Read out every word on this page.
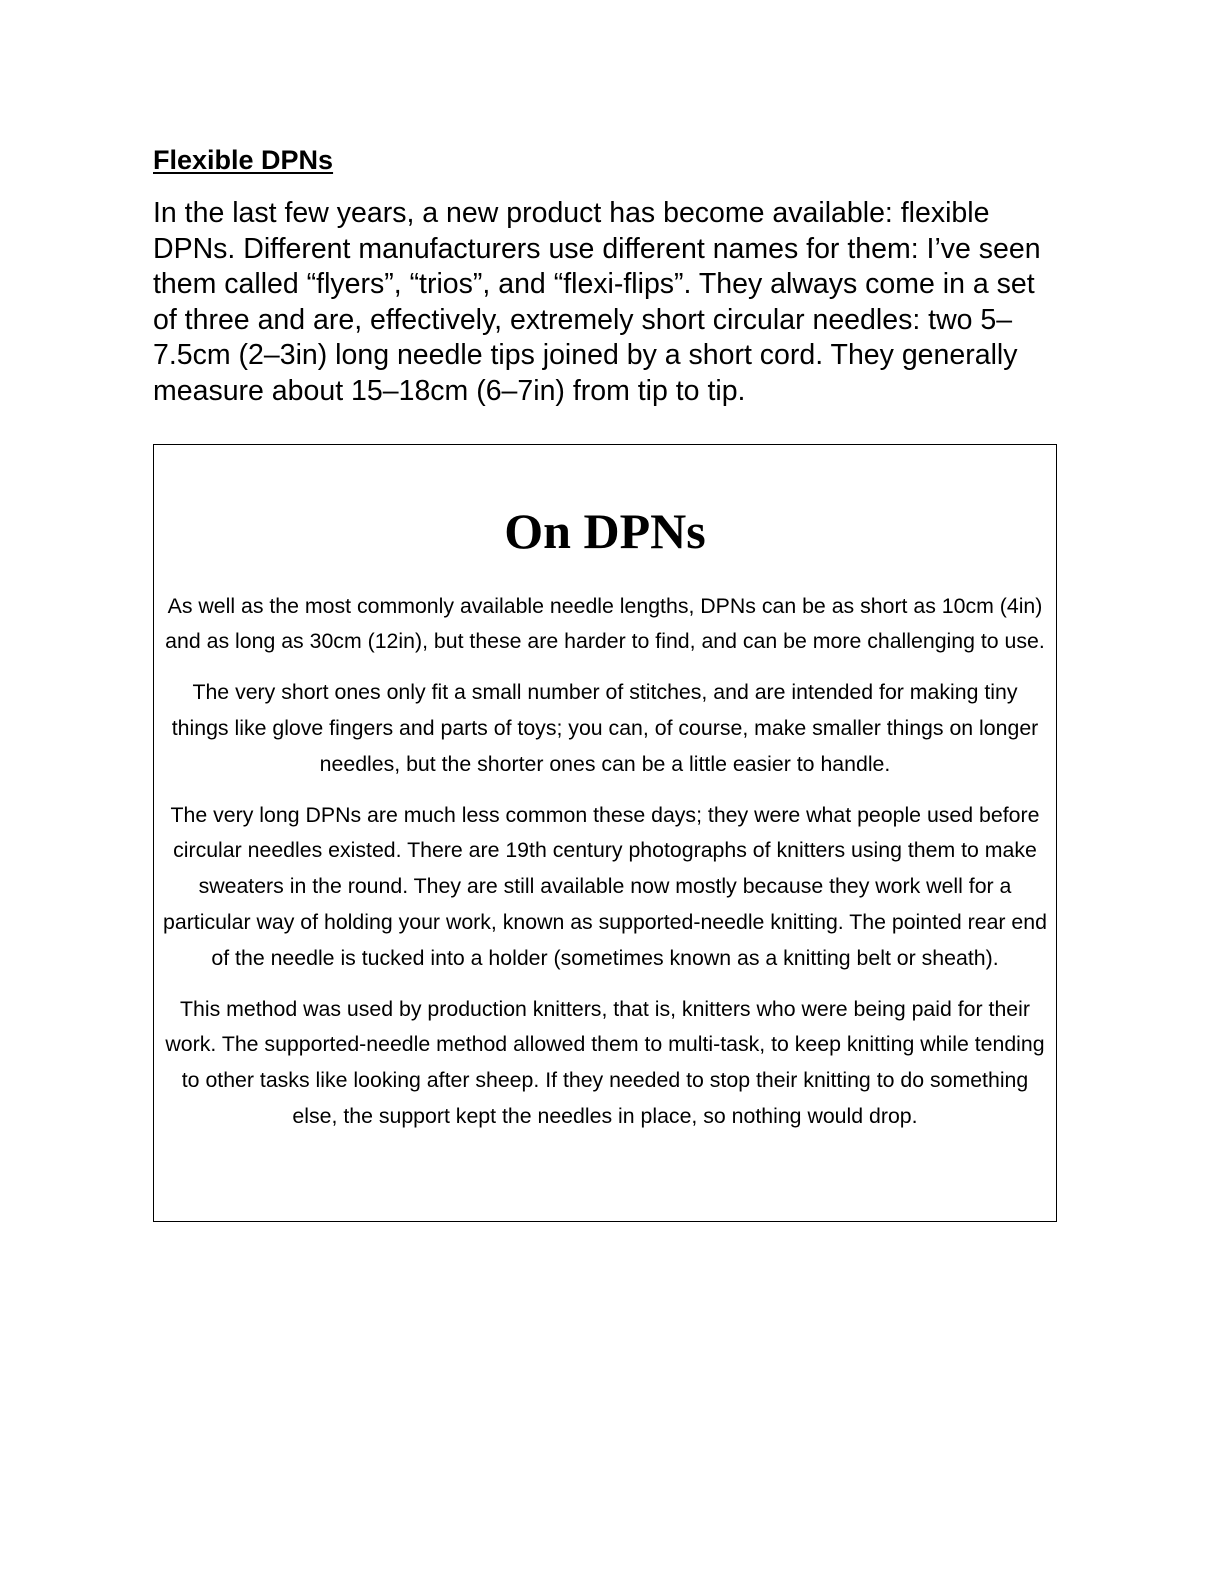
Flexible DPNs

In the last few years, a new product has become available: flexible DPNs. Different manufacturers use different names for them: I’ve seen them called “flyers”, “trios”, and “flexi-flips”. They always come in a set of three and are, effectively, extremely short circular needles: two 5–7.5cm (2–3in) long needle tips joined by a short cord. They generally measure about 15–18cm (6–7in) from tip to tip.

On DPNs

As well as the most commonly available needle lengths, DPNs can be as short as 10cm (4in) and as long as 30cm (12in), but these are harder to find, and can be more challenging to use.

The very short ones only fit a small number of stitches, and are intended for making tiny things like glove fingers and parts of toys; you can, of course, make smaller things on longer needles, but the shorter ones can be a little easier to handle.

The very long DPNs are much less common these days; they were what people used before circular needles existed. There are 19th century photographs of knitters using them to make sweaters in the round. They are still available now mostly because they work well for a particular way of holding your work, known as supported-needle knitting. The pointed rear end of the needle is tucked into a holder (sometimes known as a knitting belt or sheath).

This method was used by production knitters, that is, knitters who were being paid for their work. The supported-needle method allowed them to multi-task, to keep knitting while tending to other tasks like looking after sheep. If they needed to stop their knitting to do something else, the support kept the needles in place, so nothing would drop.
